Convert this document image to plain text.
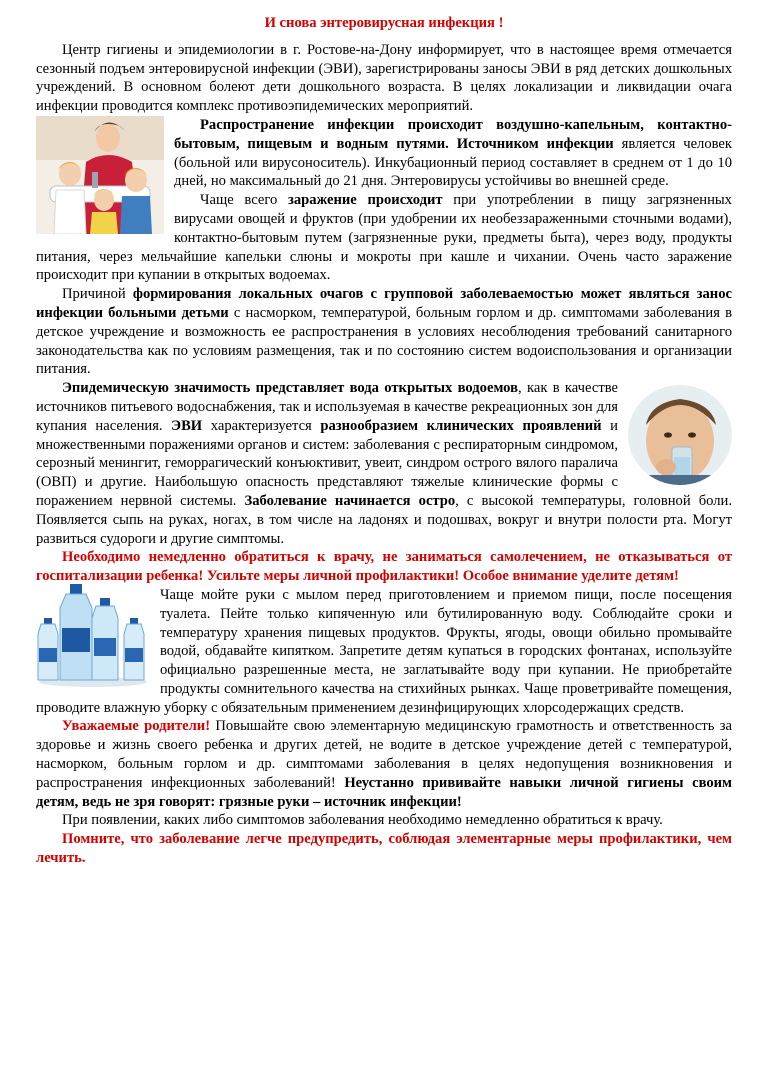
И снова энтеровирусная инфекция !

Центр гигиены и эпидемиологии в г. Ростове-на-Дону информирует, что в настоящее время отмечается сезонный подъем энтеровирусной инфекции (ЭВИ), зарегистрированы заносы ЭВИ в ряд детских дошкольных учреждений. В основном болеют дети дошкольного возраста. В целях локализации и ликвидации очага инфекции проводится комплекс противоэпидемических мероприятий.

Распространение инфекции происходит воздушно-капельным, контактно-бытовым, пищевым и водным путями. Источником инфекции является человек (больной или вирусоноситель). Инкубационный период составляет в среднем от 1 до 10 дней, но максимальный до 21 дня. Энтеровирусы устойчивы во внешней среде.

Чаще всего заражение происходит при употреблении в пищу загрязненных вирусами овощей и фруктов (при удобрении их необеззараженными сточными водами), контактно-бытовым путем (загрязненные руки, предметы быта), через воду, продукты питания, через мельчайшие капельки слюны и мокроты при кашле и чихании. Очень часто заражение происходит при купании в открытых водоемах.

Причиной формирования локальных очагов с групповой заболеваемостью может являться занос инфекции больными детьми с насморком, температурой, больным горлом и др. симптомами заболевания в детское учреждение и возможность ее распространения в условиях несоблюдения требований санитарного законодательства как по условиям размещения, так и по состоянию систем водоиспользования и организации питания.

Эпидемическую значимость представляет вода открытых водоемов, как в качестве источников питьевого водоснабжения, так и используемая в качестве рекреационных зон для купания населения. ЭВИ характеризуется разнообразием клинических проявлений и множественными поражениями органов и систем: заболевания с респираторным синдромом, серозный менингит, геморрагический конъюктивит, увеит, синдром острого вялого паралича (ОВП) и другие. Наибольшую опасность представляют тяжелые клинические формы с поражением нервной системы. Заболевание начинается остро, с высокой температуры, головной боли. Появляется сыпь на руках, ногах, в том числе на ладонях и подошвах, вокруг и внутри полости рта. Могут развиться судороги и другие симптомы.

Необходимо немедленно обратиться к врачу, не заниматься самолечением, не отказываться от госпитализации ребенка! Усильте меры личной профилактики! Особое внимание уделите детям!

Чаще мойте руки с мылом перед приготовлением и приемом пищи, после посещения туалета. Пейте только кипяченную или бутилированную воду. Соблюдайте сроки и температуру хранения пищевых продуктов. Фрукты, ягоды, овощи обильно промывайте водой, обдавайте кипятком. Запретите детям купаться в городских фонтанах, используйте официально разрешенные места, не заглатывайте воду при купании. Не приобретайте продукты сомнительного качества на стихийных рынках. Чаще проветривайте помещения, проводите влажную уборку с обязательным применением дезинфицирующих хлорсодержащих средств.

Уважаемые родители! Повышайте свою элементарную медицинскую грамотность и ответственность за здоровье и жизнь своего ребенка и других детей, не водите в детское учреждение детей с температурой, насморком, больным горлом и др. симптомами заболевания в целях недопущения возникновения и распространения инфекционных заболеваний! Неустанно прививайте навыки личной гигиены своим детям, ведь не зря говорят: грязные руки – источник инфекции!

При появлении, каких либо симптомов заболевания необходимо немедленно обратиться к врачу.

Помните, что заболевание легче предупредить, соблюдая элементарные меры профилактики, чем лечить.
